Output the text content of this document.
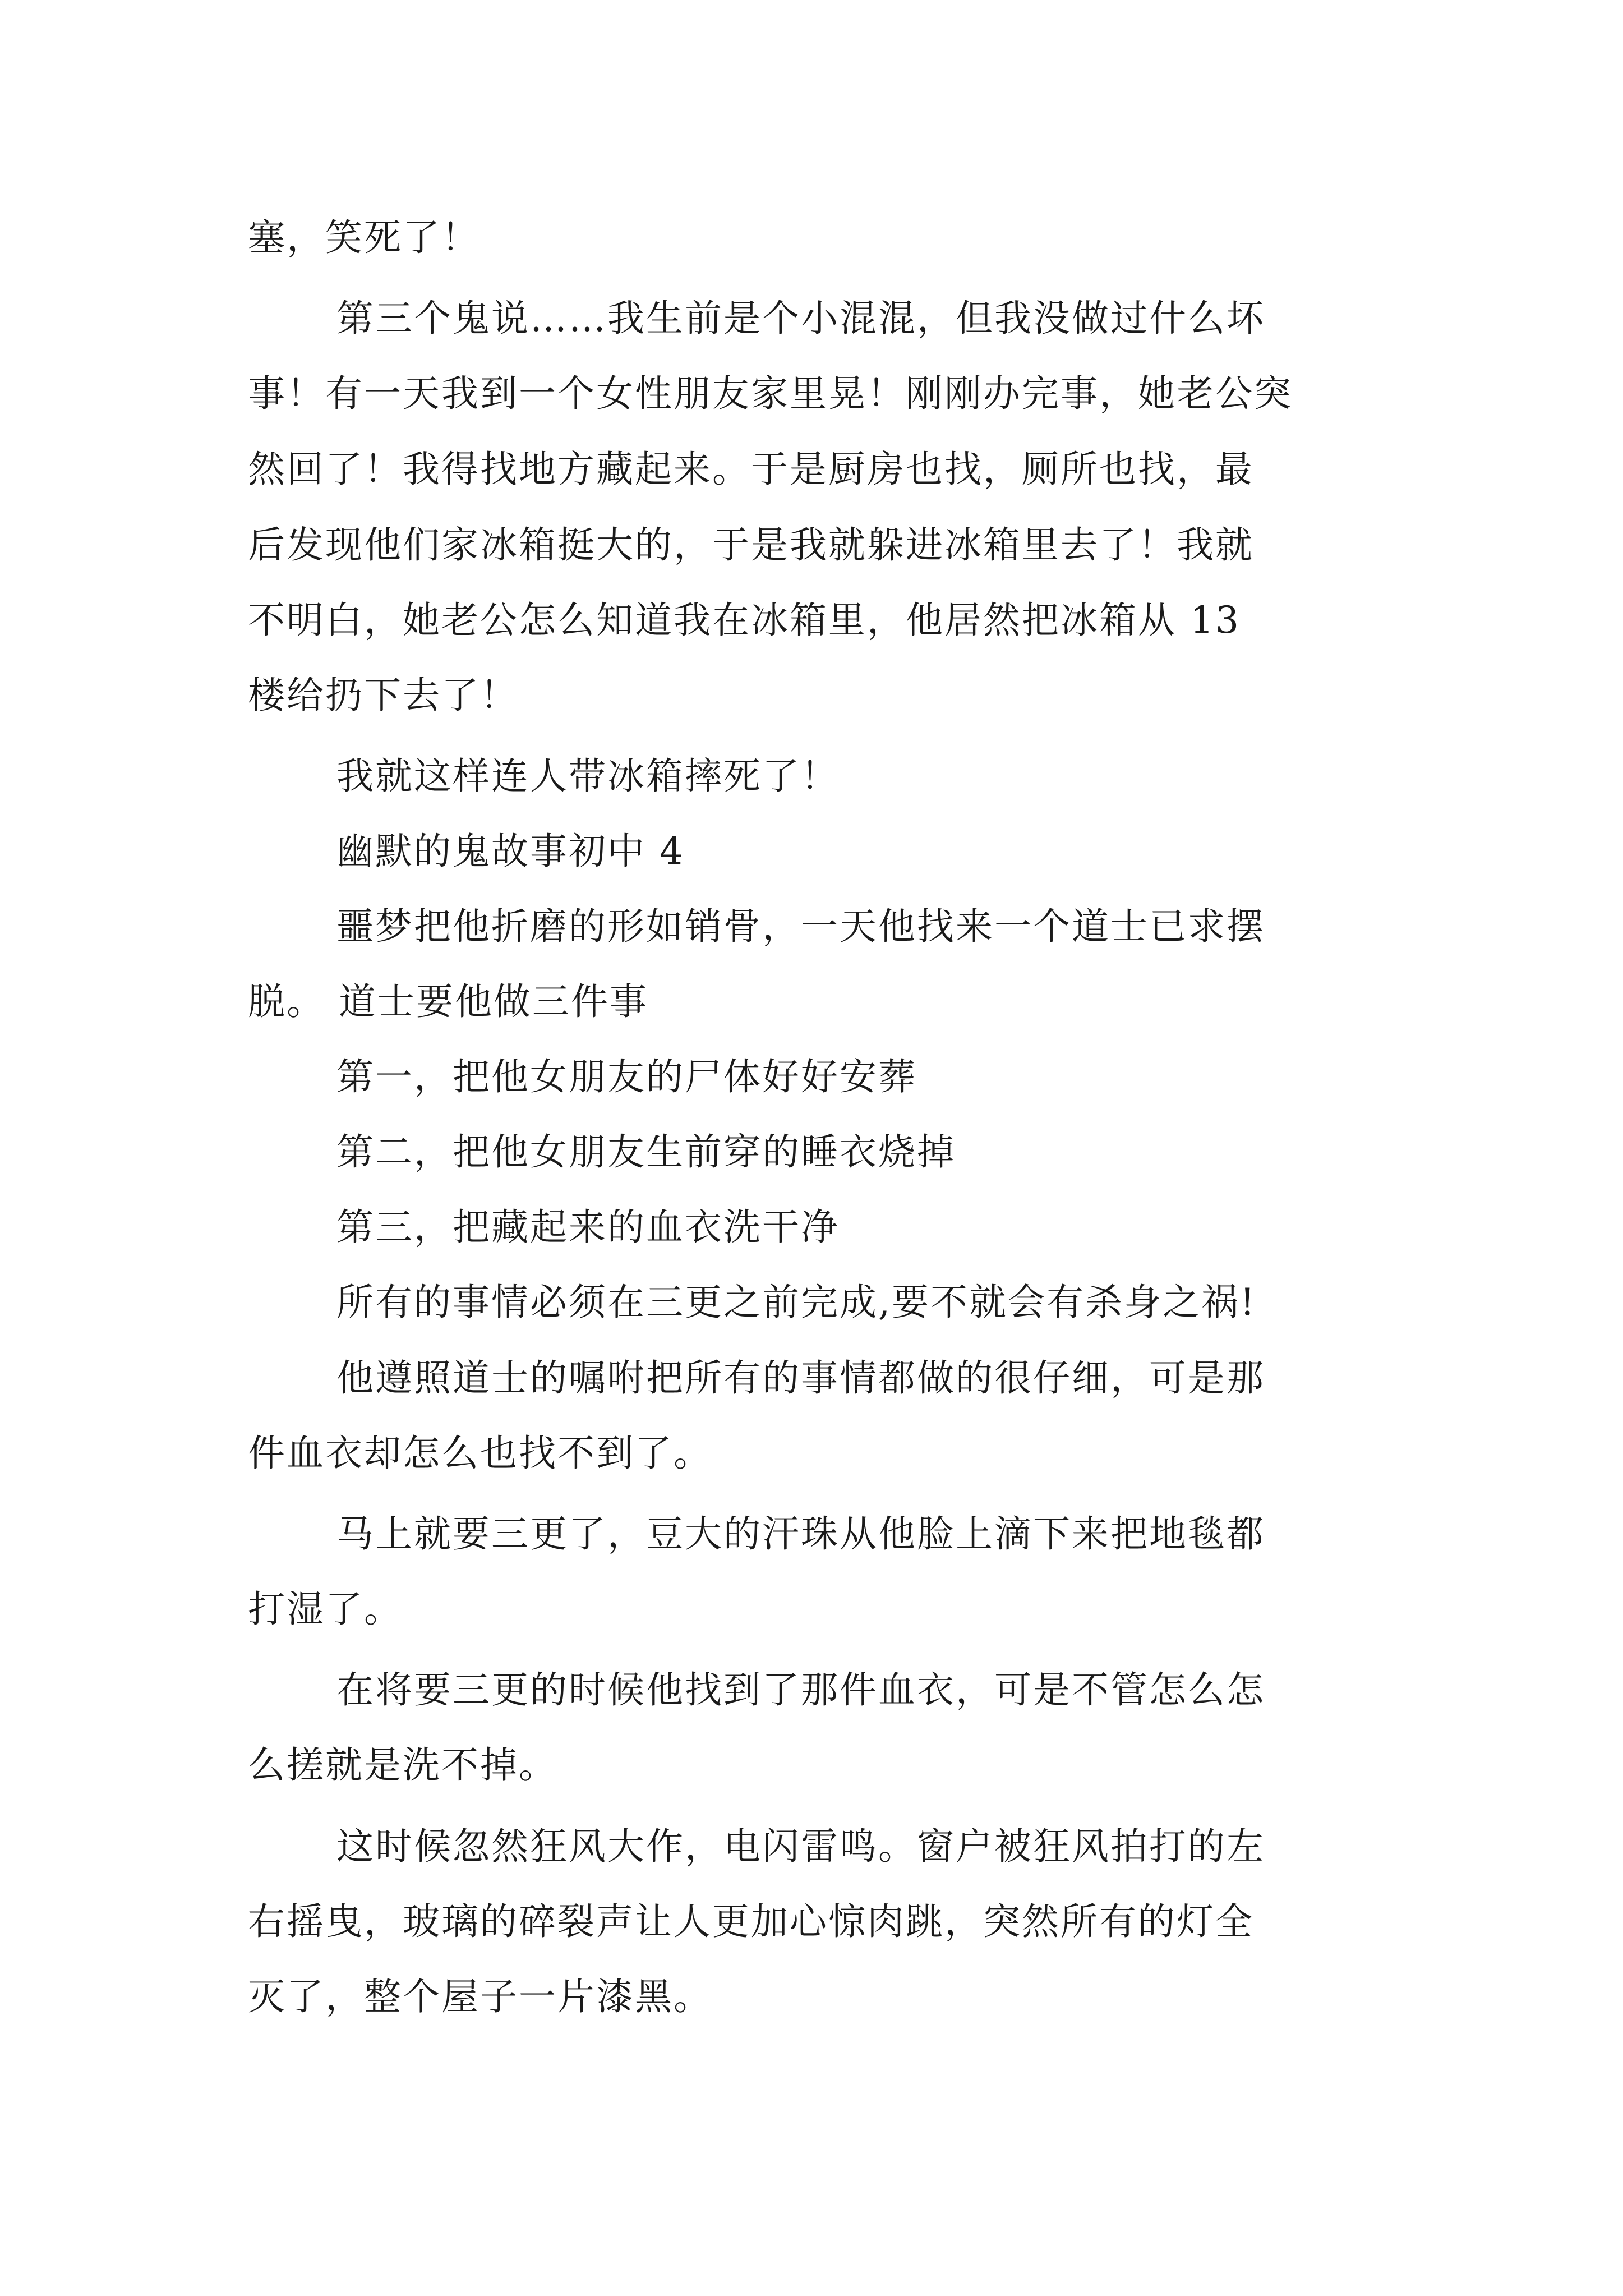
塞，笑死了！
第三个鬼说……我生前是个小混混，但我没做过什么坏
事！有一天我到一个女性朋友家里晃！刚刚办完事，她老公突
然回了！我得找地方藏起来。于是厨房也找，厕所也找，最
后发现他们家冰箱挺大的，于是我就躲进冰箱里去了！我就
不明白，她老公怎么知道我在冰箱里，他居然把冰箱从 13
楼给扔下去了！
我就这样连人带冰箱摔死了！
幽默的鬼故事初中 4
噩梦把他折磨的形如销骨，一天他找来一个道士已求摆
脱。 道士要他做三件事
第一，把他女朋友的尸体好好安葬
第二，把他女朋友生前穿的睡衣烧掉
第三，把藏起来的血衣洗干净
所有的事情必须在三更之前完成,要不就会有杀身之祸!
他遵照道士的嘱咐把所有的事情都做的很仔细，可是那
件血衣却怎么也找不到了。
马上就要三更了，豆大的汗珠从他脸上滴下来把地毯都
打湿了。
在将要三更的时候他找到了那件血衣，可是不管怎么怎
么搓就是洗不掉。
这时候忽然狂风大作，电闪雷鸣。窗户被狂风拍打的左
右摇曳，玻璃的碎裂声让人更加心惊肉跳，突然所有的灯全
灭了，整个屋子一片漆黑。
